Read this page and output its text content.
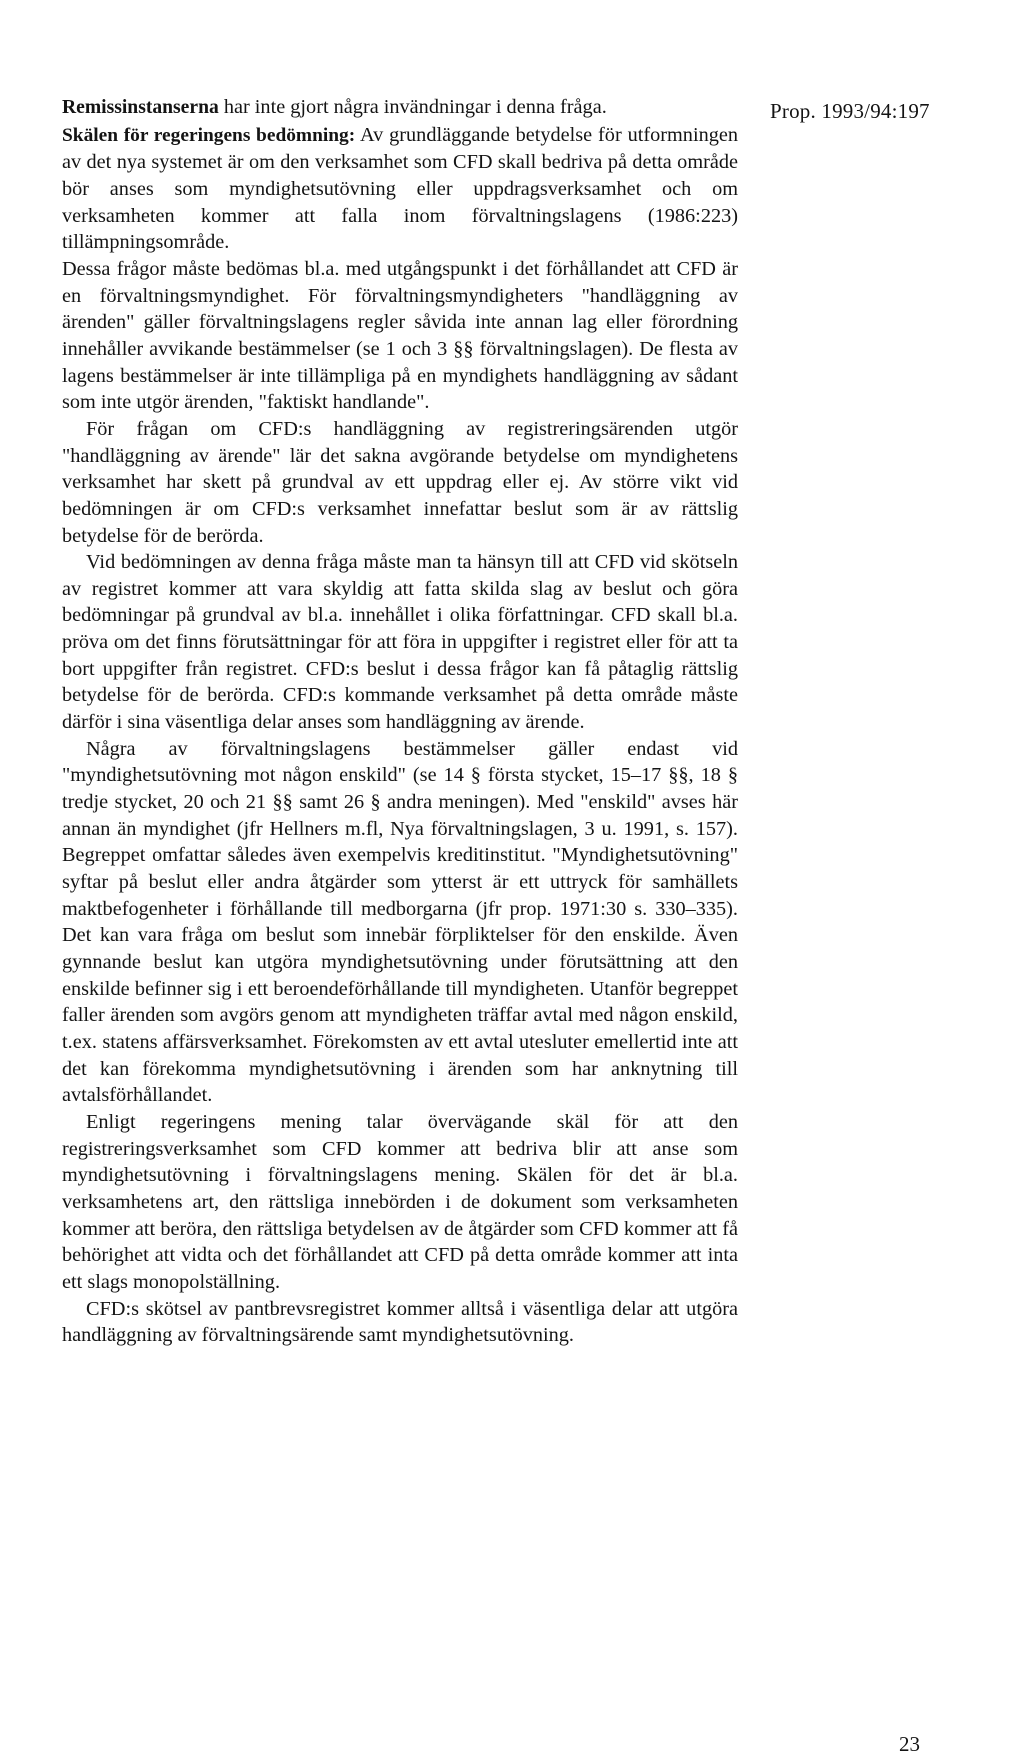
Prop. 1993/94:197

Remissinstanserna har inte gjort några invändningar i denna fråga.

Skälen för regeringens bedömning: Av grundläggande betydelse för utformningen av det nya systemet är om den verksamhet som CFD skall bedriva på detta område bör anses som myndighetsutövning eller uppdragsverksamhet och om verksamheten kommer att falla inom förvaltningslagens (1986:223) tillämpningsområde.

Dessa frågor måste bedömas bl.a. med utgångspunkt i det förhållandet att CFD är en förvaltningsmyndighet. För förvaltningsmyndigheters "handläggning av ärenden" gäller förvaltningslagens regler såvida inte annan lag eller förordning innehåller avvikande bestämmelser (se 1 och 3 §§ förvaltningslagen). De flesta av lagens bestämmelser är inte tillämpliga på en myndighets handläggning av sådant som inte utgör ärenden, "faktiskt handlande".

För frågan om CFD:s handläggning av registreringsärenden utgör "handläggning av ärende" lär det sakna avgörande betydelse om myndighetens verksamhet har skett på grundval av ett uppdrag eller ej. Av större vikt vid bedömningen är om CFD:s verksamhet innefattar beslut som är av rättslig betydelse för de berörda.

Vid bedömningen av denna fråga måste man ta hänsyn till att CFD vid skötseln av registret kommer att vara skyldig att fatta skilda slag av beslut och göra bedömningar på grundval av bl.a. innehållet i olika författningar. CFD skall bl.a. pröva om det finns förutsättningar för att föra in uppgifter i registret eller för att ta bort uppgifter från registret. CFD:s beslut i dessa frågor kan få påtaglig rättslig betydelse för de berörda. CFD:s kommande verksamhet på detta område måste därför i sina väsentliga delar anses som handläggning av ärende.

Några av förvaltningslagens bestämmelser gäller endast vid "myndighetsutövning mot någon enskild" (se 14 § första stycket, 15–17 §§, 18 § tredje stycket, 20 och 21 §§ samt 26 § andra meningen). Med "enskild" avses här annan än myndighet (jfr Hellners m.fl, Nya förvaltningslagen, 3 u. 1991, s. 157). Begreppet omfattar således även exempelvis kreditinstitut. "Myndighetsutövning" syftar på beslut eller andra åtgärder som ytterst är ett uttryck för samhällets maktbefogenheter i förhållande till medborgarna (jfr prop. 1971:30 s. 330–335). Det kan vara fråga om beslut som innebär förpliktelser för den enskilde. Även gynnande beslut kan utgöra myndighetsutövning under förutsättning att den enskilde befinner sig i ett beroendeförhållande till myndigheten. Utanför begreppet faller ärenden som avgörs genom att myndigheten träffar avtal med någon enskild, t.ex. statens affärsverksamhet. Förekomsten av ett avtal utesluter emellertid inte att det kan förekomma myndighetsutövning i ärenden som har anknytning till avtalsförhållandet.

Enligt regeringens mening talar övervägande skäl för att den registreringsverksamhet som CFD kommer att bedriva blir att anse som myndighetsutövning i förvaltningslagens mening. Skälen för det är bl.a. verksamhetens art, den rättsliga innebörden i de dokument som verksamheten kommer att beröra, den rättsliga betydelsen av de åtgärder som CFD kommer att få behörighet att vidta och det förhållandet att CFD på detta område kommer att inta ett slags monopolställning.

CFD:s skötsel av pantbrevsregistret kommer alltså i väsentliga delar att utgöra handläggning av förvaltningsärende samt myndighetsutövning.

23
